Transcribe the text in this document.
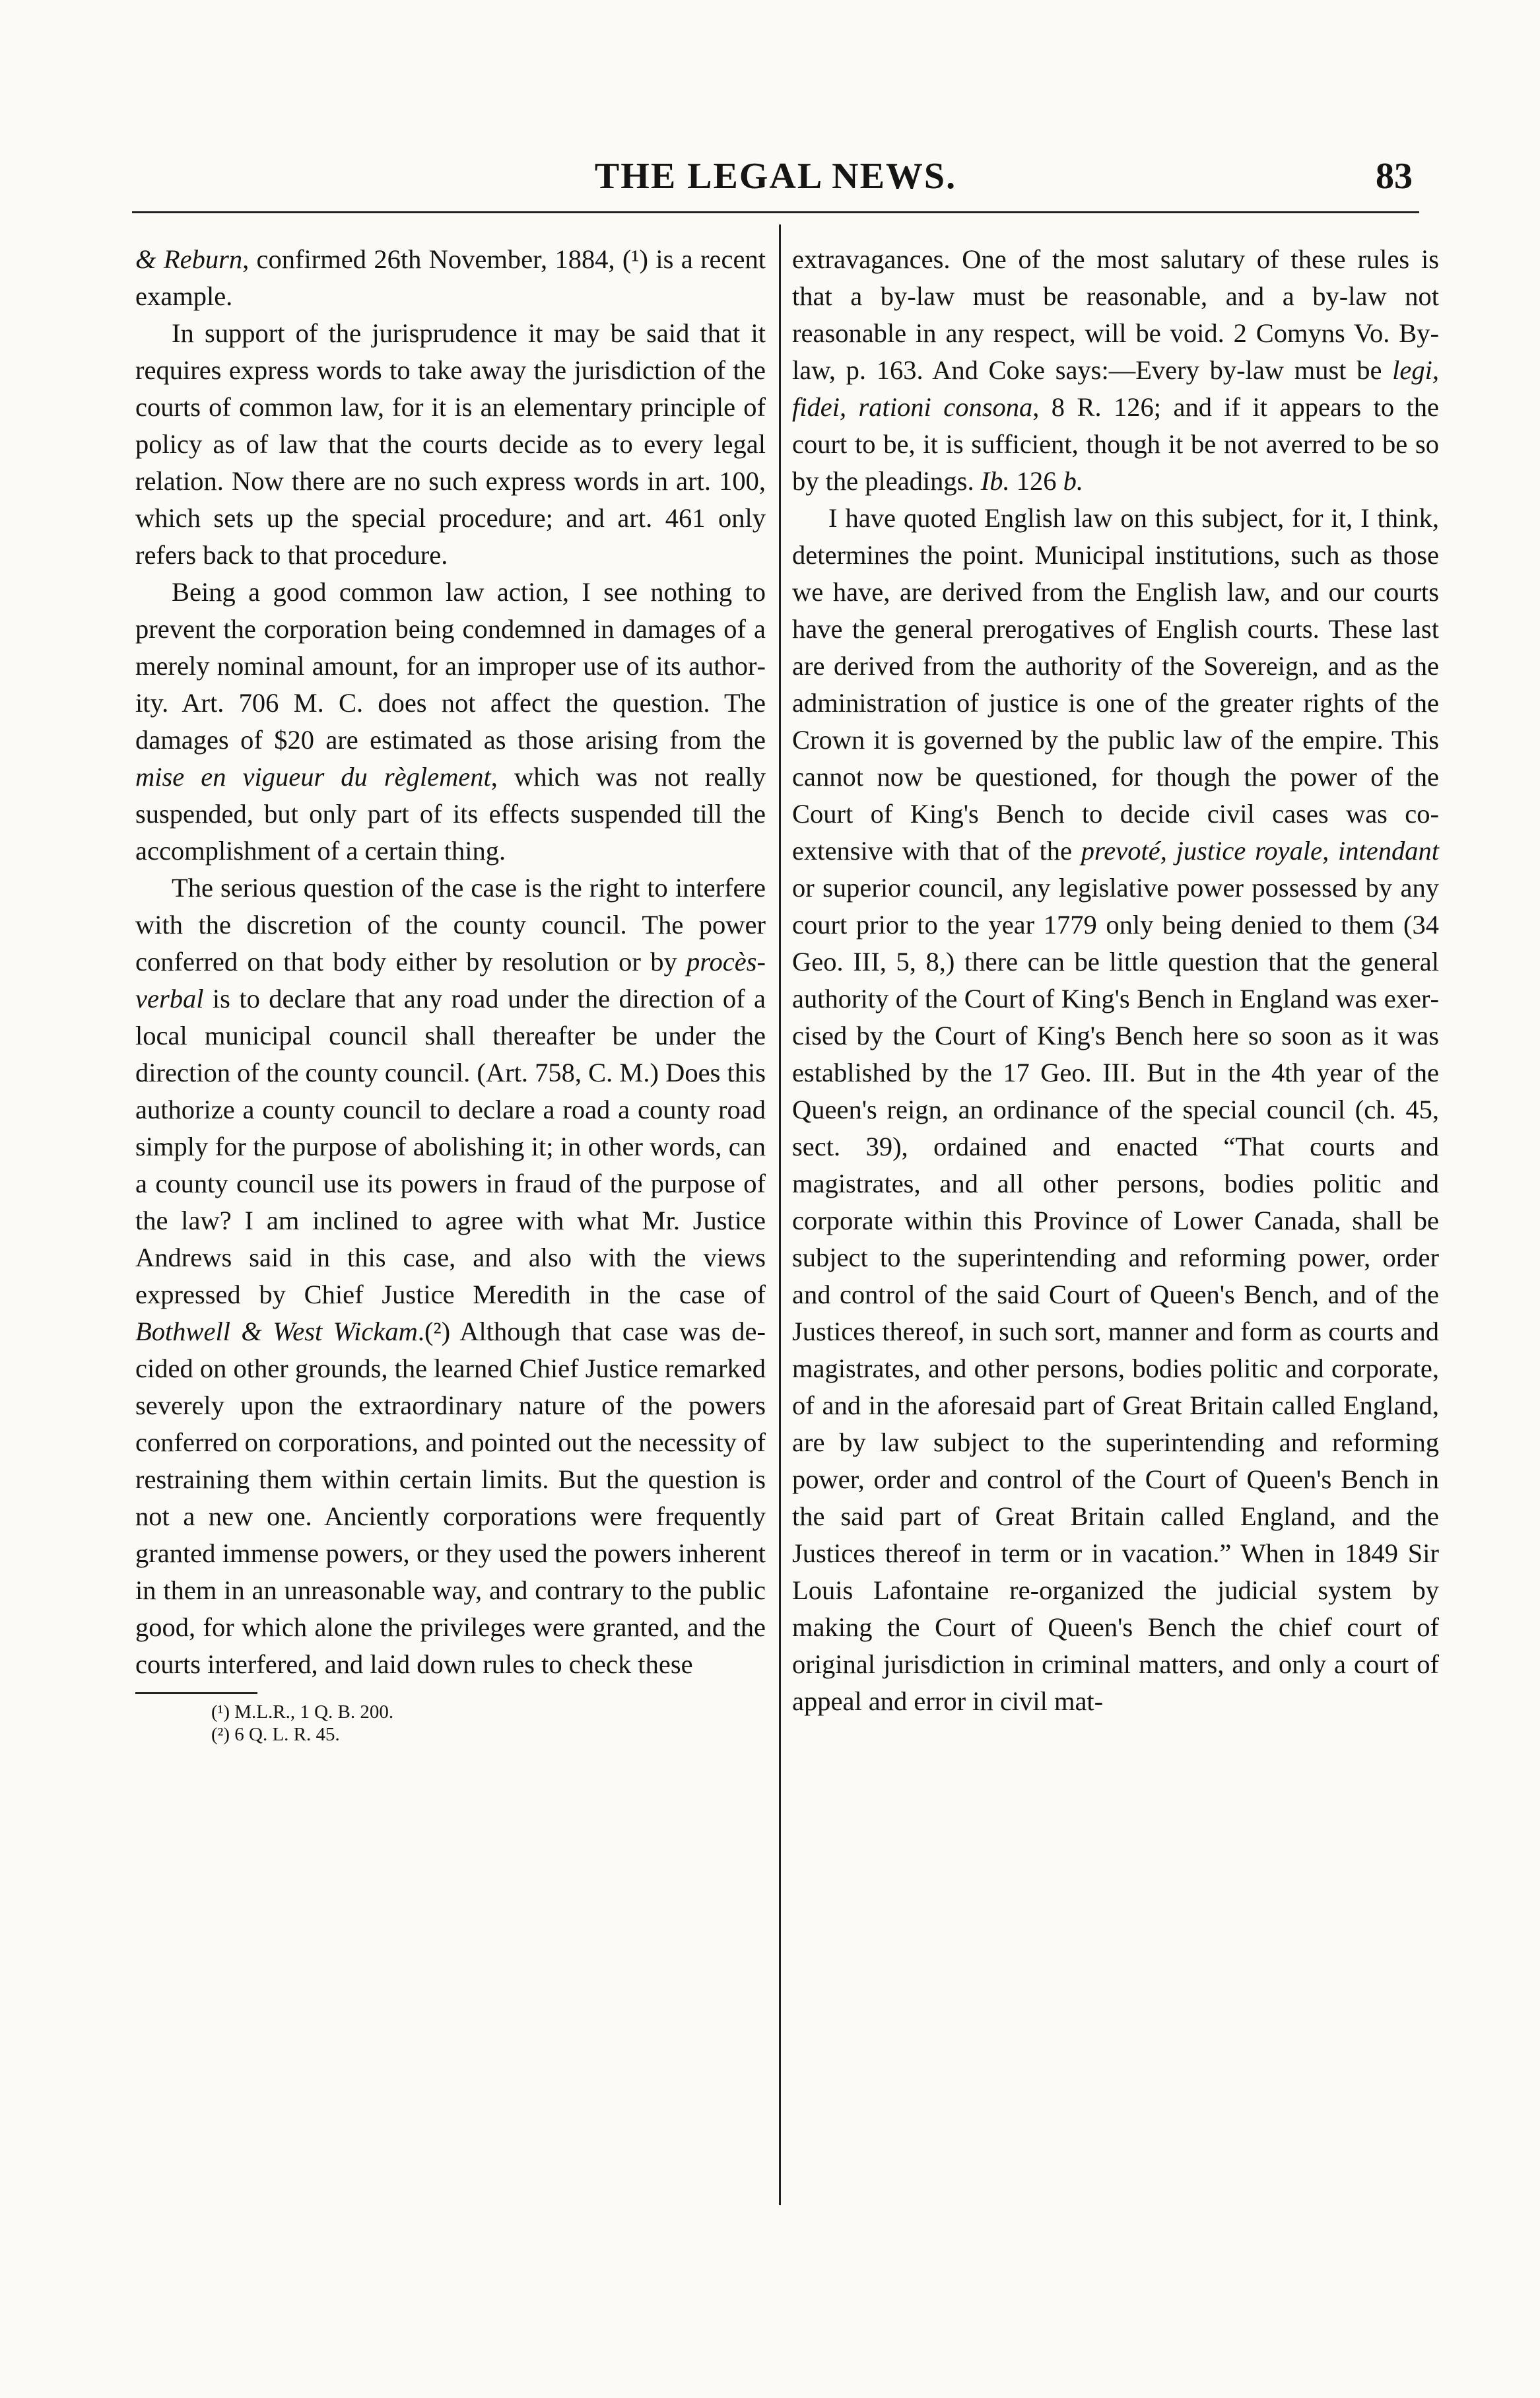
THE LEGAL NEWS.	83

& Reburn, confirmed 26th November, 1884, (¹) is a recent example.

In support of the jurisprudence it may be said that it requires express words to take away the jurisdiction of the courts of common law, for it is an elementary principle of policy as of law that the courts decide as to every legal relation. Now there are no such express words in art. 100, which sets up the special procedure; and art. 461 only refers back to that procedure.

Being a good common law action, I see nothing to prevent the corporation being condemned in damages of a merely nominal amount, for an improper use of its authority. Art. 706 M. C. does not affect the question. The damages of $20 are estimated as those arising from the mise en vigueur du règlement, which was not really suspended, but only part of its effects suspended till the accomplishment of a certain thing.

The serious question of the case is the right to interfere with the discretion of the county council. The power conferred on that body either by resolution or by procès-verbal is to declare that any road under the direction of a local municipal council shall thereafter be under the direction of the county council. (Art. 758, C. M.) Does this authorize a county council to declare a road a county road simply for the purpose of abolishing it; in other words, can a county council use its powers in fraud of the purpose of the law? I am inclined to agree with what Mr. Justice Andrews said in this case, and also with the views expressed by Chief Justice Meredith in the case of Bothwell & West Wickam.(²) Although that case was decided on other grounds, the learned Chief Justice remarked severely upon the extraordinary nature of the powers conferred on corporations, and pointed out the necessity of restraining them within certain limits. But the question is not a new one. Anciently corporations were frequently granted immense powers, or they used the powers inherent in them in an unreasonable way, and contrary to the public good, for which alone the privileges were granted, and the courts interfered, and laid down rules to check these

(¹) M.L.R., 1 Q. B. 200.
(²) 6 Q. L. R. 45.

extravagances. One of the most salutary of these rules is that a by-law must be reasonable, and a by-law not reasonable in any respect, will be void. 2 Comyns Vo. By-law, p. 163. And Coke says:—Every by-law must be legi, fidei, rationi consona, 8 R. 126; and if it appears to the court to be, it is sufficient, though it be not averred to be so by the pleadings. Ib. 126 b.

I have quoted English law on this subject, for it, I think, determines the point. Municipal institutions, such as those we have, are derived from the English law, and our courts have the general prerogatives of English courts. These last are derived from the authority of the Sovereign, and as the administration of justice is one of the greater rights of the Crown it is governed by the public law of the empire. This cannot now be questioned, for though the power of the Court of King's Bench to decide civil cases was co-extensive with that of the prevoté, justice royale, intendant or superior council, any legislative power possessed by any court prior to the year 1779 only being denied to them (34 Geo. III, 5, 8,) there can be little question that the general authority of the Court of King's Bench in England was exercised by the Court of King's Bench here so soon as it was established by the 17 Geo. III. But in the 4th year of the Queen's reign, an ordinance of the special council (ch. 45, sect. 39), ordained and enacted “That courts and magistrates, and all other persons, bodies politic and corporate within this Province of Lower Canada, shall be subject to the superintending and reforming power, order and control of the said Court of Queen's Bench, and of the Justices thereof, in such sort, manner and form as courts and magistrates, and other persons, bodies politic and corporate, of and in the aforesaid part of Great Britain called England, are by law subject to the superintending and reforming power, order and control of the Court of Queen's Bench in the said part of Great Britain called England, and the Justices thereof in term or in vacation.” When in 1849 Sir Louis Lafontaine re-organized the judicial system by making the Court of Queen's Bench the chief court of original jurisdiction in criminal matters, and only a court of appeal and error in civil mat-
